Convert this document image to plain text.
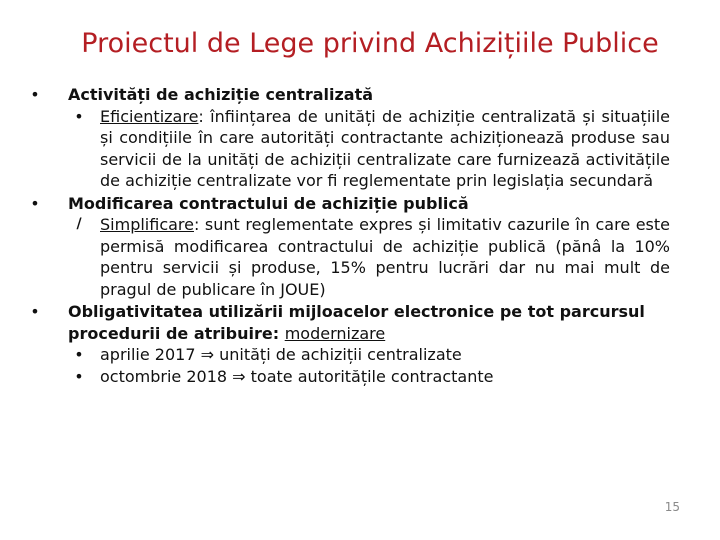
Proiectul de Lege privind Achizițiile Publice
• Activități de achiziție centralizată
• Eficientizare: înființarea de unități de achiziție centralizată și situațiile și condițiile în care autorități contractante achiziționează produse sau servicii de la unități de achiziții centralizate care furnizează activitățile de achiziție centralizate vor fi reglementate prin legislația secundară
• Modificarea contractului de achiziție publică
/	Simplificare: sunt reglementate expres și limitativ cazurile în care este permisă modificarea contractului de achiziție publică (pănâ la 10% pentru servicii și produse, 15% pentru lucrări dar nu mai mult de pragul de publicare în JOUE)
• Obligativitatea utilizării mijloacelor electronice pe tot parcursul procedurii de atribuire: modernizare
• aprilie 2017 ⇒ unități de achiziții centralizate
• octombrie 2018 ⇒ toate autoritățile contractante
15
